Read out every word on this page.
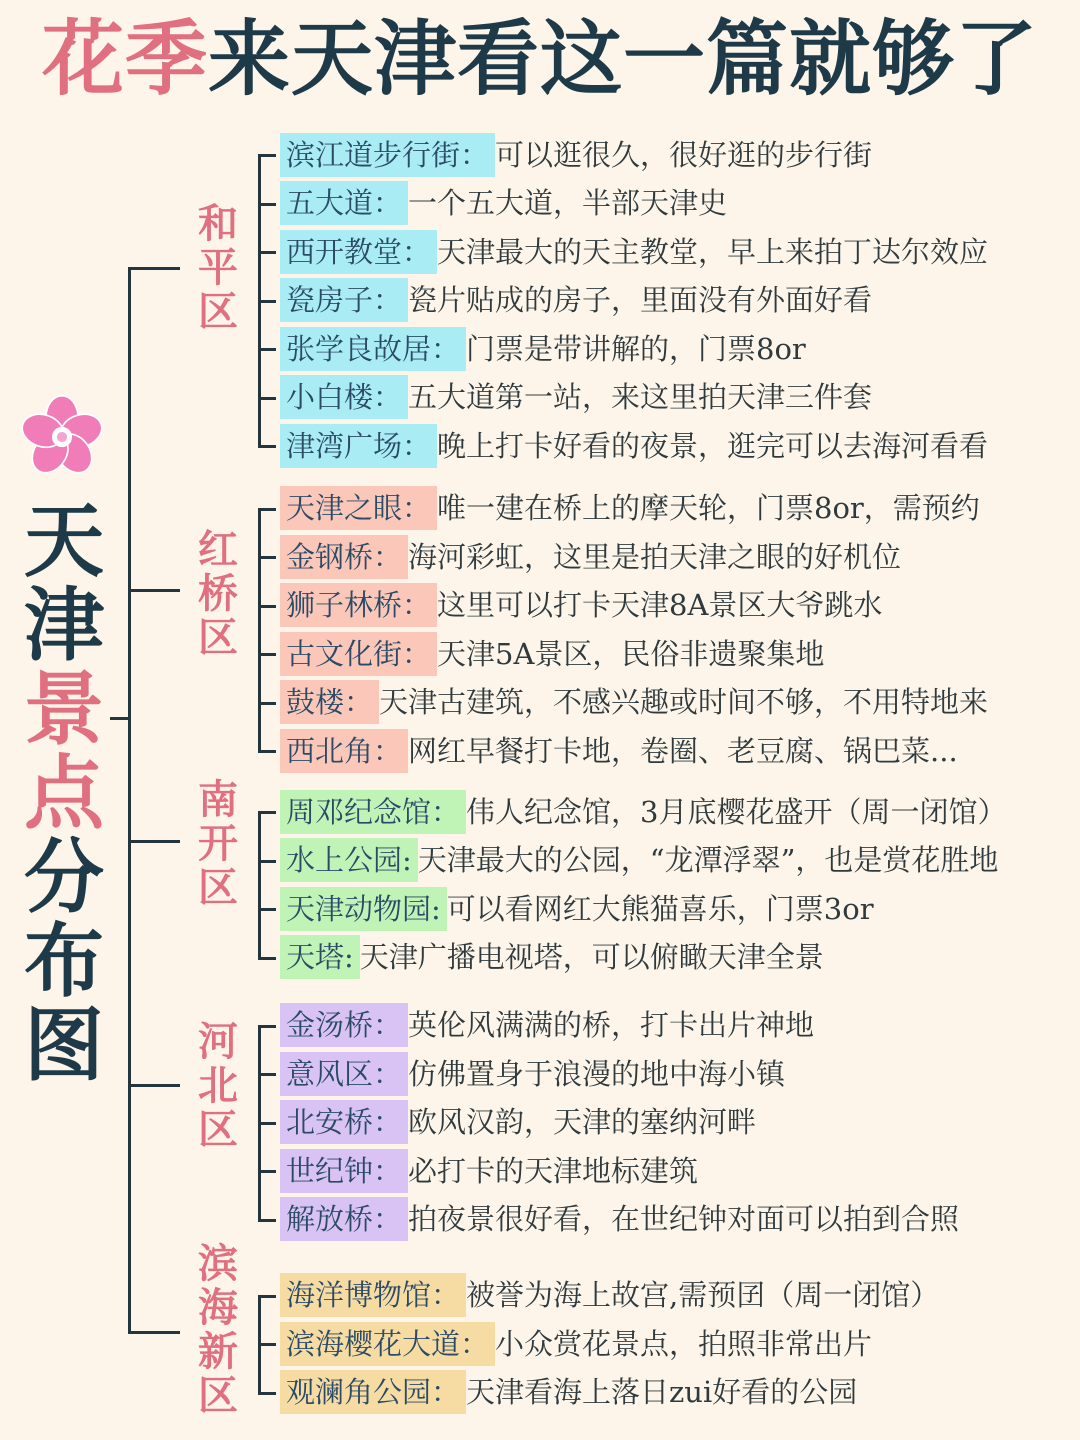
花季来天津看这一篇就够了
天
津
景
点
分
布
图
和
平
区
红
桥
区
南
开
区
河
北
区
滨
海
新
区
滨江道步行街： 可以逛很久，很好逛的步行街
五大道： 一个五大道，半部天津史
西开教堂： 天津最大的天主教堂，早上来拍丁达尔效应
瓷房子： 瓷片贴成的房子，里面没有外面好看
张学良故居： 门票是带讲解的，门票8or
小白楼： 五大道第一站，来这里拍天津三件套
津湾广场： 晚上打卡好看的夜景，逛完可以去海河看看
天津之眼： 唯一建在桥上的摩天轮，门票8or，需预约
金钢桥： 海河彩虹，这里是拍天津之眼的好机位
狮子林桥： 这里可以打卡天津8A景区大爷跳水
古文化街： 天津5A景区，民俗非遗聚集地
鼓楼： 天津古建筑，不感兴趣或时间不够，不用特地来
西北角： 网红早餐打卡地，卷圈、老豆腐、锅巴菜...
周邓纪念馆： 伟人纪念馆，3月底樱花盛开（周一闭馆）
水上公园: 天津最大的公园，“龙潭浮翠”，也是赏花胜地
天津动物园: 可以看网红大熊猫喜乐，门票3or
天塔: 天津广播电视塔，可以俯瞰天津全景
金汤桥： 英伦风满满的桥，打卡出片神地
意风区： 仿佛置身于浪漫的地中海小镇
北安桥： 欧风汉韵，天津的塞纳河畔
世纪钟： 必打卡的天津地标建筑
解放桥： 拍夜景很好看，在世纪钟对面可以拍到合照
海洋博物馆： 被誉为海上故宫,需预囝（周一闭馆）
滨海樱花大道： 小众赏花景点，拍照非常出片
观澜角公园： 天津看海上落日zui好看的公园
